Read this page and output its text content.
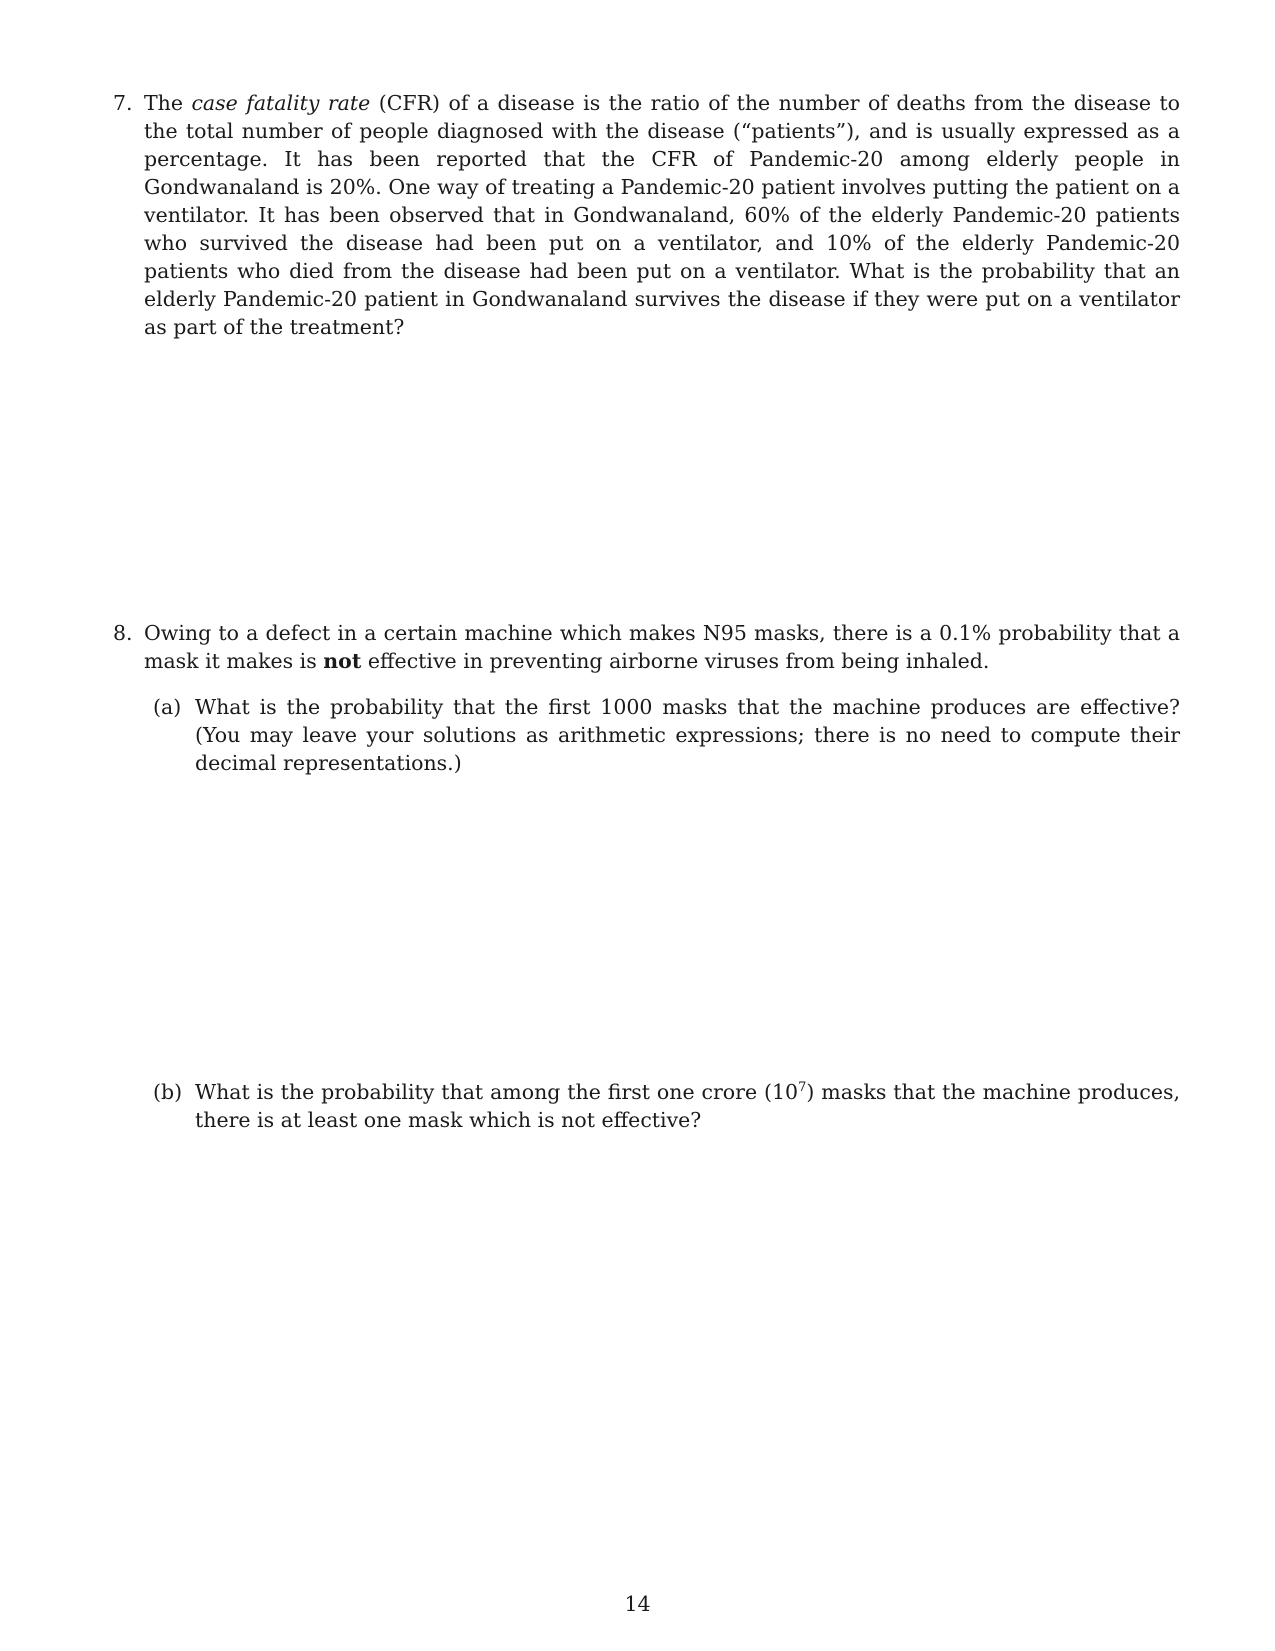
7. The case fatality rate (CFR) of a disease is the ratio of the number of deaths from the disease to the total number of people diagnosed with the disease (“patients”), and is usually expressed as a percentage. It has been reported that the CFR of Pandemic-20 among elderly people in Gondwanaland is 20%. One way of treating a Pandemic-20 patient involves putting the patient on a ventilator. It has been observed that in Gondwanaland, 60% of the elderly Pandemic-20 patients who survived the disease had been put on a ventilator, and 10% of the elderly Pandemic-20 patients who died from the disease had been put on a ventilator. What is the probability that an elderly Pandemic-20 patient in Gondwanaland survives the disease if they were put on a ventilator as part of the treatment?
8. Owing to a defect in a certain machine which makes N95 masks, there is a 0.1% probability that a mask it makes is not effective in preventing airborne viruses from being inhaled.
(a) What is the probability that the first 1000 masks that the machine produces are effective? (You may leave your solutions as arithmetic expressions; there is no need to compute their decimal representations.)
(b) What is the probability that among the first one crore $(10^7)$ masks that the machine produces, there is at least one mask which is not effective?
14
